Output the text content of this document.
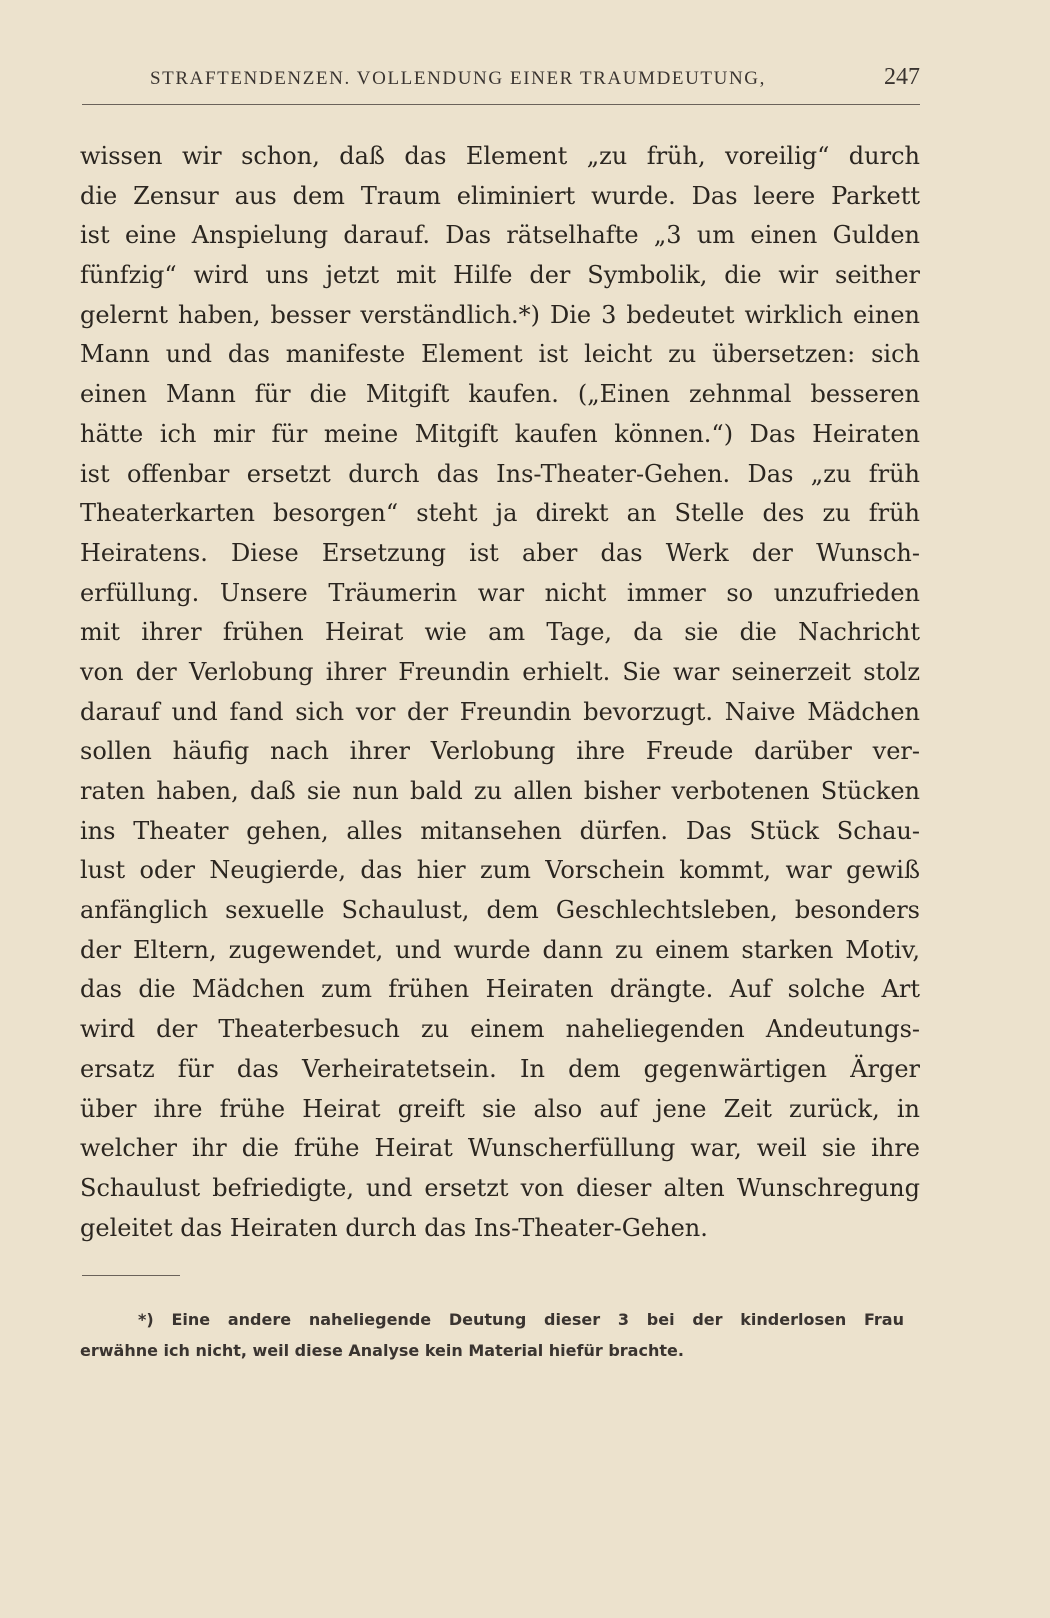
STRAFTENDENZEN. VOLLENDUNG EINER TRAUMDEUTUNG,	247
wissen wir schon, daß das Element „zu früh, voreilig“ durch
die Zensur aus dem Traum eliminiert wurde. Das leere Parkett
ist eine Anspielung darauf. Das rätselhafte „3 um einen Gulden
fünfzig“ wird uns jetzt mit Hilfe der Symbolik, die wir seither
gelernt haben, besser verständlich.*) Die 3 bedeutet wirklich einen
Mann und das manifeste Element ist leicht zu übersetzen: sich
einen Mann für die Mitgift kaufen. („Einen zehnmal besseren
hätte ich mir für meine Mitgift kaufen können.“) Das Heiraten
ist offenbar ersetzt durch das Ins-Theater-Gehen. Das „zu früh
Theaterkarten besorgen“ steht ja direkt an Stelle des zu früh
Heiratens. Diese Ersetzung ist aber das Werk der Wunsch-
erfüllung. Unsere Träumerin war nicht immer so unzufrieden
mit ihrer frühen Heirat wie am Tage, da sie die Nachricht
von der Verlobung ihrer Freundin erhielt. Sie war seinerzeit stolz
darauf und fand sich vor der Freundin bevorzugt. Naive Mädchen
sollen häufig nach ihrer Verlobung ihre Freude darüber ver-
raten haben, daß sie nun bald zu allen bisher verbotenen Stücken
ins Theater gehen, alles mitansehen dürfen. Das Stück Schau-
lust oder Neugierde, das hier zum Vorschein kommt, war gewiß
anfänglich sexuelle Schaulust, dem Geschlechtsleben, besonders
der Eltern, zugewendet, und wurde dann zu einem starken Motiv,
das die Mädchen zum frühen Heiraten drängte. Auf solche Art
wird der Theaterbesuch zu einem naheliegenden Andeutungs-
ersatz für das Verheiratetsein. In dem gegenwärtigen Ärger
über ihre frühe Heirat greift sie also auf jene Zeit zurück, in
welcher ihr die frühe Heirat Wunscherfüllung war, weil sie ihre
Schaulust befriedigte, und ersetzt von dieser alten Wunschregung
geleitet das Heiraten durch das Ins-Theater-Gehen.
*) Eine andere naheliegende Deutung dieser 3 bei der kinderlosen Frau
erwähne ich nicht, weil diese Analyse kein Material hiefür brachte.
